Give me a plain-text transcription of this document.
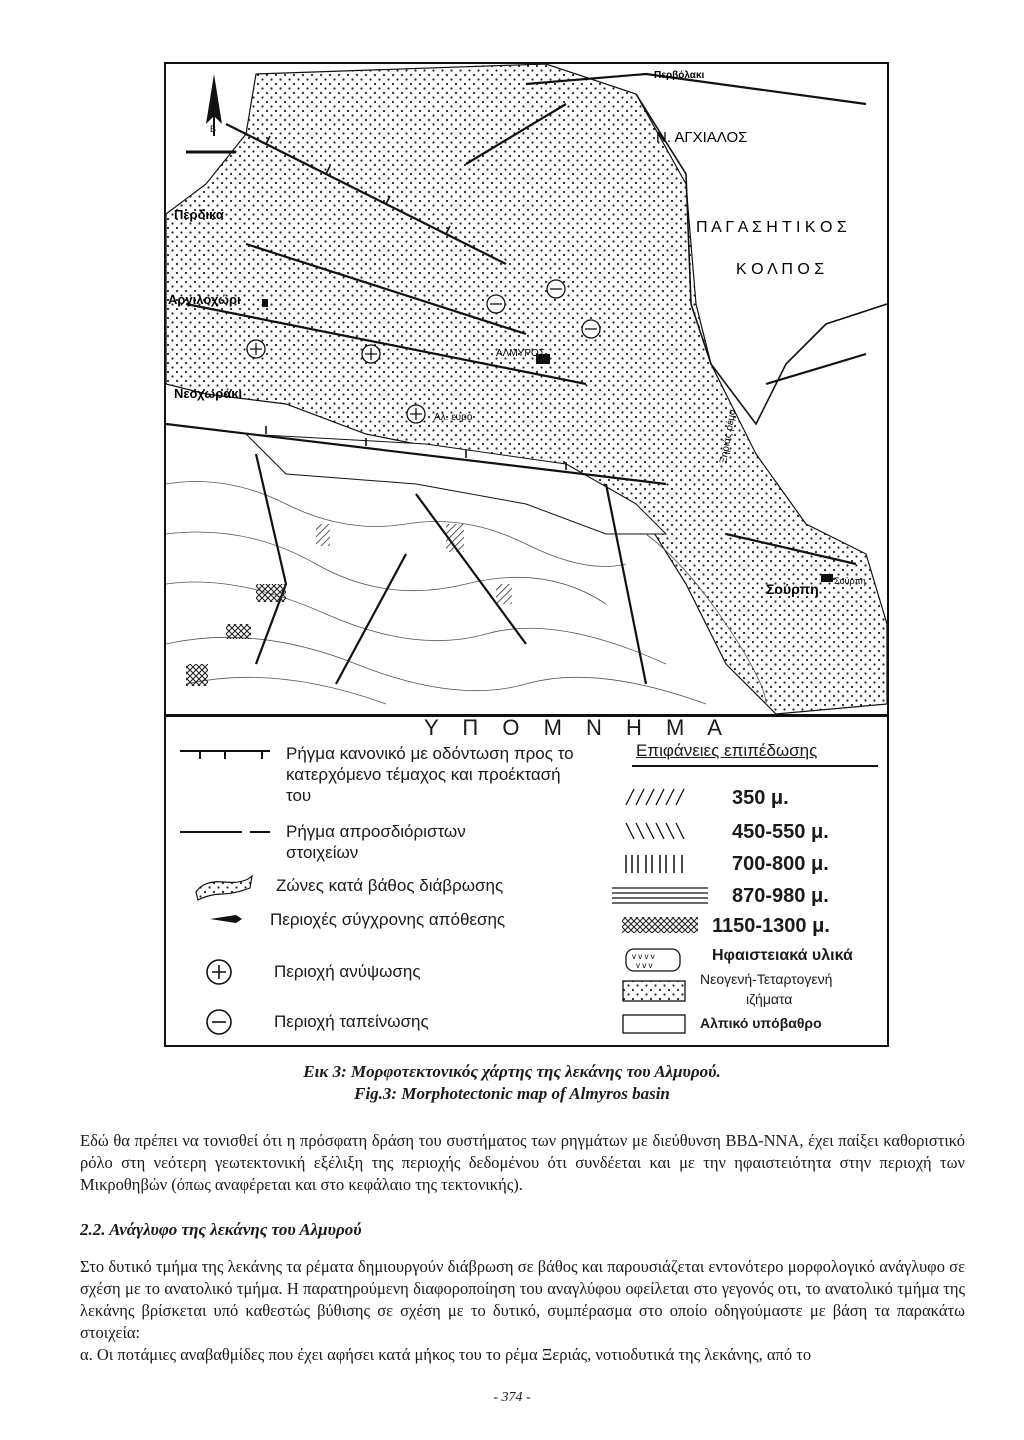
Β
Περβόλακι
Ν. ΑΓΧΙΑΛΟΣ
Περδικα
Αργιλοχώρι
Νεοχωράκι
Π Α Γ Α Σ Η Τ Ι Κ Ο Σ
Κ Ο Λ Π Ο Σ
ΑΛΜΥΡΟΣ
Αλ. ευρο
Σούρπη Σούρπη
Ξηριάς ρέμα
Υ Π Ο Μ Ν Η Μ Α
Ρήγμα κανονικό με οδόντωση προς το κατερχόμενο τέμαχος και προέκτασή του
Ρήγμα απροσδιόριστων στοιχείων
Ζώνες κατά βάθος διάβρωσης
Περιοχές σύγχρονης απόθεσης
Περιοχή ανύψωσης
Περιοχή ταπείνωσης
Επιφάνειες επιπέδωσης
350 μ.
450-550 μ.
700-800 μ.
870-980 μ.
1150-1300 μ.
v v v v
v v v
Ηφαιστειακά υλικά
Νεογενή-Τεταρτογενή
ιζήματα
Αλπικό υπόβαθρο
Εικ 3: Μορφοτεκτονικός χάρτης της λεκάνης του Αλμυρού.
Fig.3: Morphotectonic map of Almyros basin
Εδώ θα πρέπει να τονισθεί ότι η πρόσφατη δράση του συστήματος των ρηγμάτων με διεύθυνση ΒΒΔ-ΝΝΑ, έχει παίξει καθοριστικό ρόλο στη νεότερη γεωτεκτονική εξέλιξη της περιοχής δεδομένου ότι συνδέεται και με την ηφαιστειότητα στην περιοχή των Μικροθηβών (όπως αναφέρεται και στο κεφάλαιο της τεκτονικής).
2.2. Ανάγλυφο της λεκάνης του Αλμυρού
Στο δυτικό τμήμα της λεκάνης τα ρέματα δημιουργούν διάβρωση σε βάθος και παρουσιάζεται εντονότερο μορφολογικό ανάγλυφο σε σχέση με το ανατολικό τμήμα. Η παρατηρούμενη διαφοροποίηση του αναγλύφου οφείλεται στο γεγονός οτι, το ανατολικό τμήμα της λεκάνης βρίσκεται υπό καθεστώς βύθισης σε σχέση με το δυτικό, συμπέρασμα στο οποίο οδηγούμαστε με βάση τα παρακάτω στοιχεία:
α. Οι ποτάμιες αναβαθμίδες που έχει αφήσει κατά μήκος του το ρέμα Ξεριάς, νοτιοδυτικά της λεκάνης, από το
- 374 -
